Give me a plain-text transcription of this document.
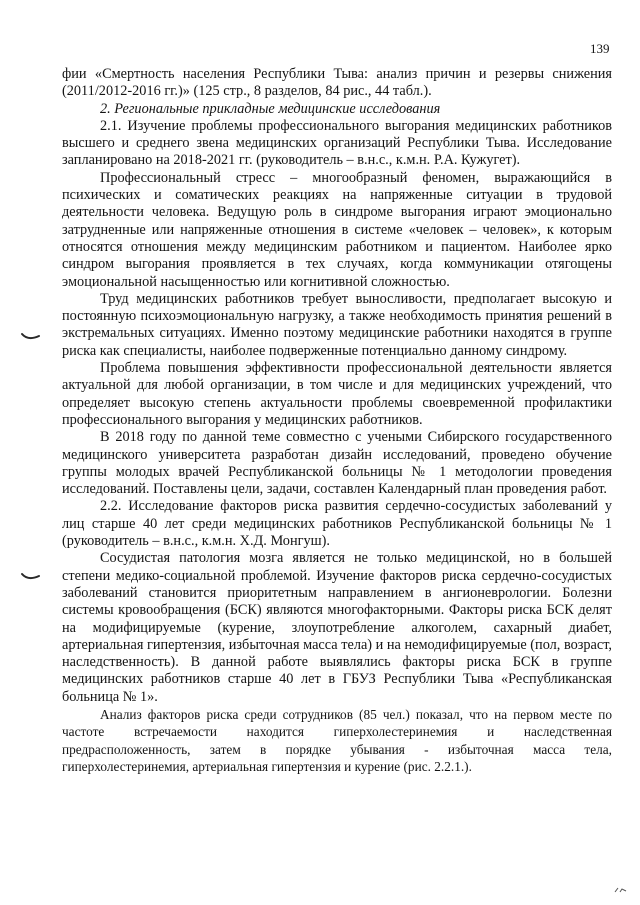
139

фии «Смертность населения Республики Тыва: анализ причин и резервы снижения (2011/2012-2016 гг.)» (125 стр., 8 разделов, 84 рис., 44 табл.).

2. Региональные прикладные медицинские исследования

2.1. Изучение проблемы профессионального выгорания медицинских работников высшего и среднего звена медицинских организаций Республики Тыва. Исследование запланировано на 2018-2021 гг. (руководитель – в.н.с., к.м.н. Р.А. Кужугет).

Профессиональный стресс – многообразный феномен, выражающийся в психических и соматических реакциях на напряженные ситуации в трудовой деятельности человека. Ведущую роль в синдроме выгорания играют эмоционально затрудненные или напряженные отношения в системе «человек – человек», к которым относятся отношения между медицинским работником и пациентом. Наиболее ярко синдром выгорания проявляется в тех случаях, когда коммуникации отягощены эмоциональной насыщенностью или когнитивной сложностью.

Труд медицинских работников требует выносливости, предполагает высокую и постоянную психоэмоциональную нагрузку, а также необходимость принятия решений в экстремальных ситуациях. Именно поэтому медицинские работники находятся в группе риска как специалисты, наиболее подверженные потенциально данному синдрому.

Проблема повышения эффективности профессиональной деятельности является актуальной для любой организации, в том числе и для медицинских учреждений, что определяет высокую степень актуальности проблемы своевременной профилактики профессионального выгорания у медицинских работников.

В 2018 году по данной теме совместно с учеными Сибирского государственного медицинского университета разработан дизайн исследований, проведено обучение группы молодых врачей Республиканской больницы № 1 методологии проведения исследований. Поставлены цели, задачи, составлен Календарный план проведения работ.

2.2. Исследование факторов риска развития сердечно-сосудистых заболеваний у лиц старше 40 лет среди медицинских работников Республиканской больницы № 1 (руководитель – в.н.с., к.м.н. Х.Д. Монгуш).

Сосудистая патология мозга является не только медицинской, но в большей степени медико-социальной проблемой. Изучение факторов риска сердечно-сосудистых заболеваний становится приоритетным направлением в ангионеврологии. Болезни системы кровообращения (БСК) являются многофакторными. Факторы риска БСК делят на модифицируемые (курение, злоупотребление алкоголем, сахарный диабет, артериальная гипертензия, избыточная масса тела) и на немодифицируемые (пол, возраст, наследственность). В данной работе выявлялись факторы риска БСК в группе медицинских работников старше 40 лет в ГБУЗ Республики Тыва «Республиканская больница № 1».

Анализ факторов риска среди сотрудников (85 чел.) показал, что на первом месте по частоте встречаемости находится гиперхолестеринемия и наследственная предрасположенность, затем в порядке убывания - избыточная масса тела, гиперхолестеринемия, артериальная гипертензия и курение (рис. 2.2.1.).
